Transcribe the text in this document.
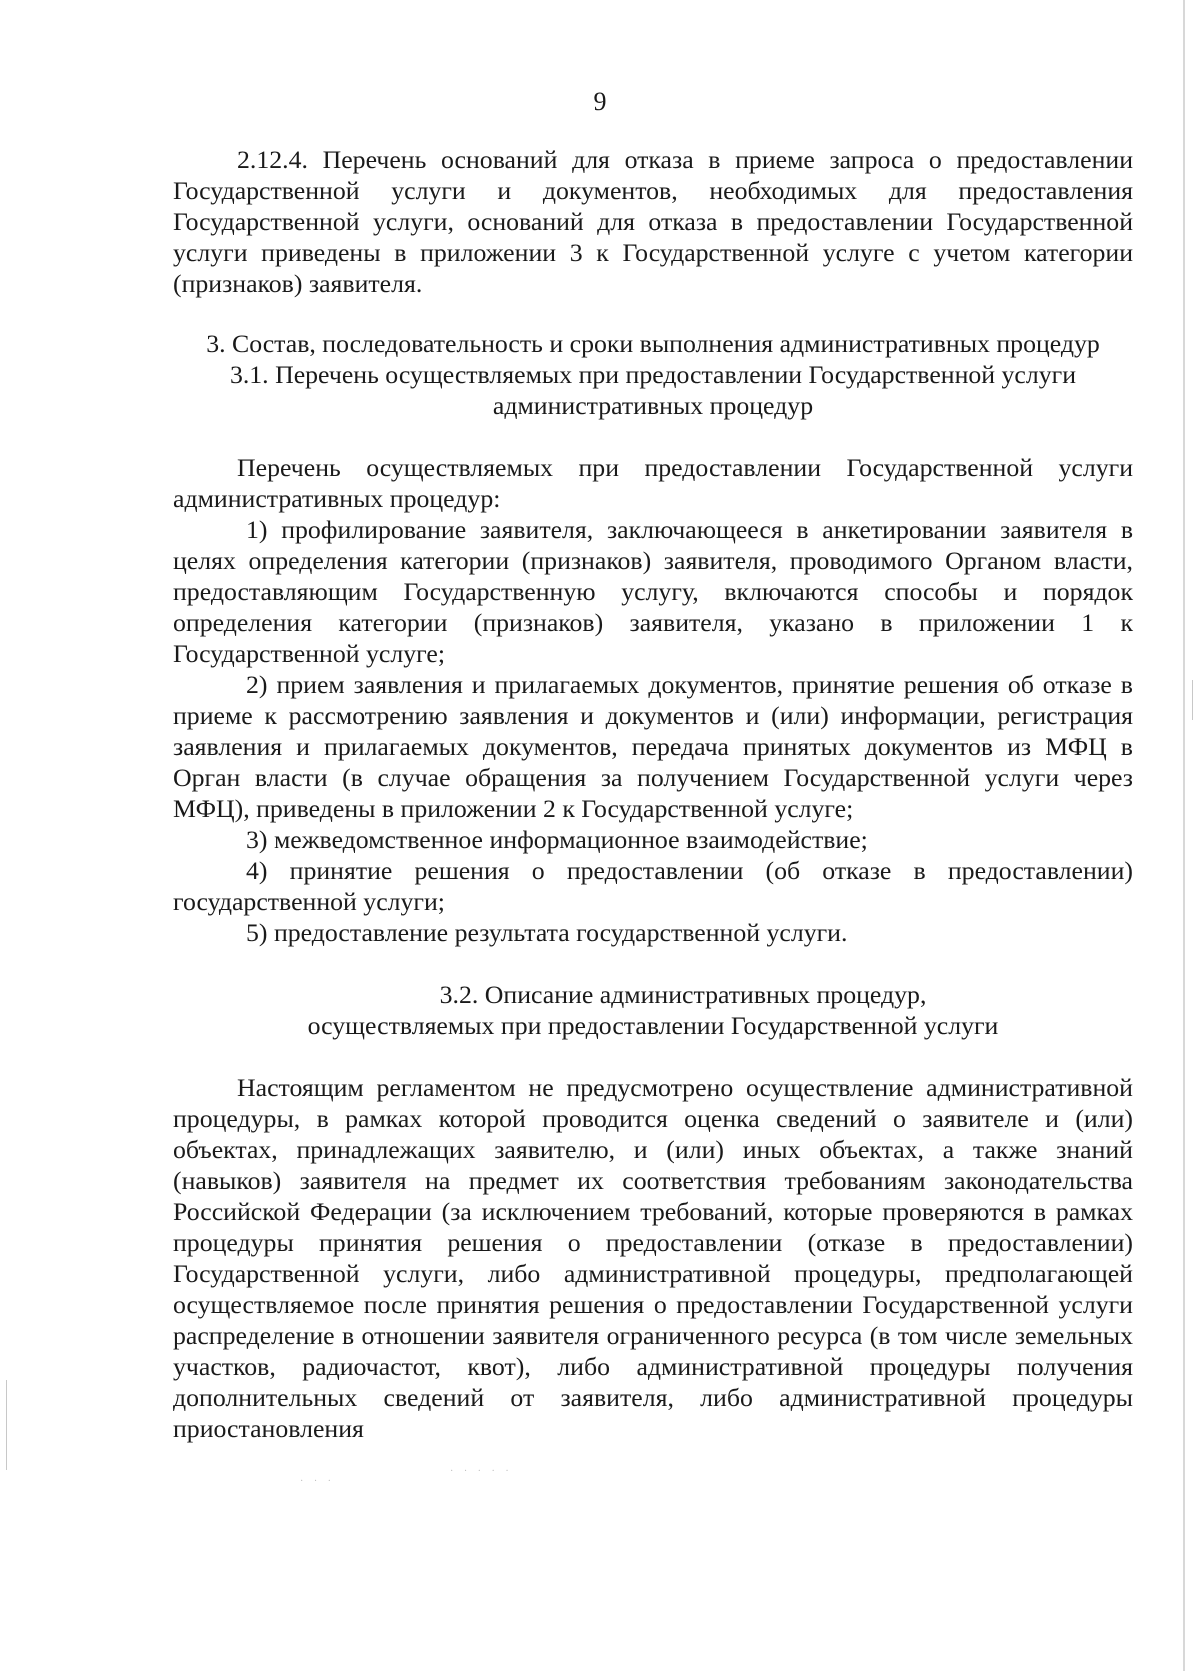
· · ·
· · · · ·
9

2.12.4. Перечень оснований для отказа в приеме запроса о предоставлении Государственной услуги и документов, необходимых для предоставления Государственной услуги, оснований для отказа в предоставлении Государственной услуги приведены в приложении 3 к Государственной услуге с учетом категории (признаков) заявителя.

3. Состав, последовательность и сроки выполнения административных процедур

3.1. Перечень осуществляемых при предоставлении Государственной услуги

административных процедур

Перечень осуществляемых при предоставлении Государственной услуги административных процедур:

1) профилирование заявителя, заключающееся в анкетировании заявителя в целях определения категории (признаков) заявителя, проводимого Органом власти, предоставляющим Государственную услугу, включаются способы и порядок определения категории (признаков) заявителя, указано в приложении 1 к Государственной услуге;

2) прием заявления и прилагаемых документов, принятие решения об отказе в приеме к рассмотрению заявления и документов и (или) информации, регистрация заявления и прилагаемых документов, передача принятых документов из МФЦ в Орган власти (в случае обращения за получением Государственной услуги через МФЦ), приведены в приложении 2 к Государственной услуге;

3) межведомственное информационное взаимодействие;

4) принятие решения о предоставлении (об отказе в предоставлении) государственной услуги;

5) предоставление результата государственной услуги.

3.2. Описание административных процедур,

осуществляемых при предоставлении Государственной услуги

Настоящим регламентом не предусмотрено осуществление административной процедуры, в рамках которой проводится оценка сведений о заявителе и (или) объектах, принадлежащих заявителю, и (или) иных объектах, а также знаний (навыков) заявителя на предмет их соответствия требованиям законодательства Российской Федерации (за исключением требований, которые проверяются в рамках процедуры принятия решения о предоставлении (отказе в предоставлении) Государственной услуги, либо административной процедуры, предполагающей осуществляемое после принятия решения о предоставлении Государственной услуги распределение в отношении заявителя ограниченного ресурса (в том числе земельных участков, радиочастот, квот), либо административной процедуры получения дополнительных сведений от заявителя, либо административной процедуры приостановления
